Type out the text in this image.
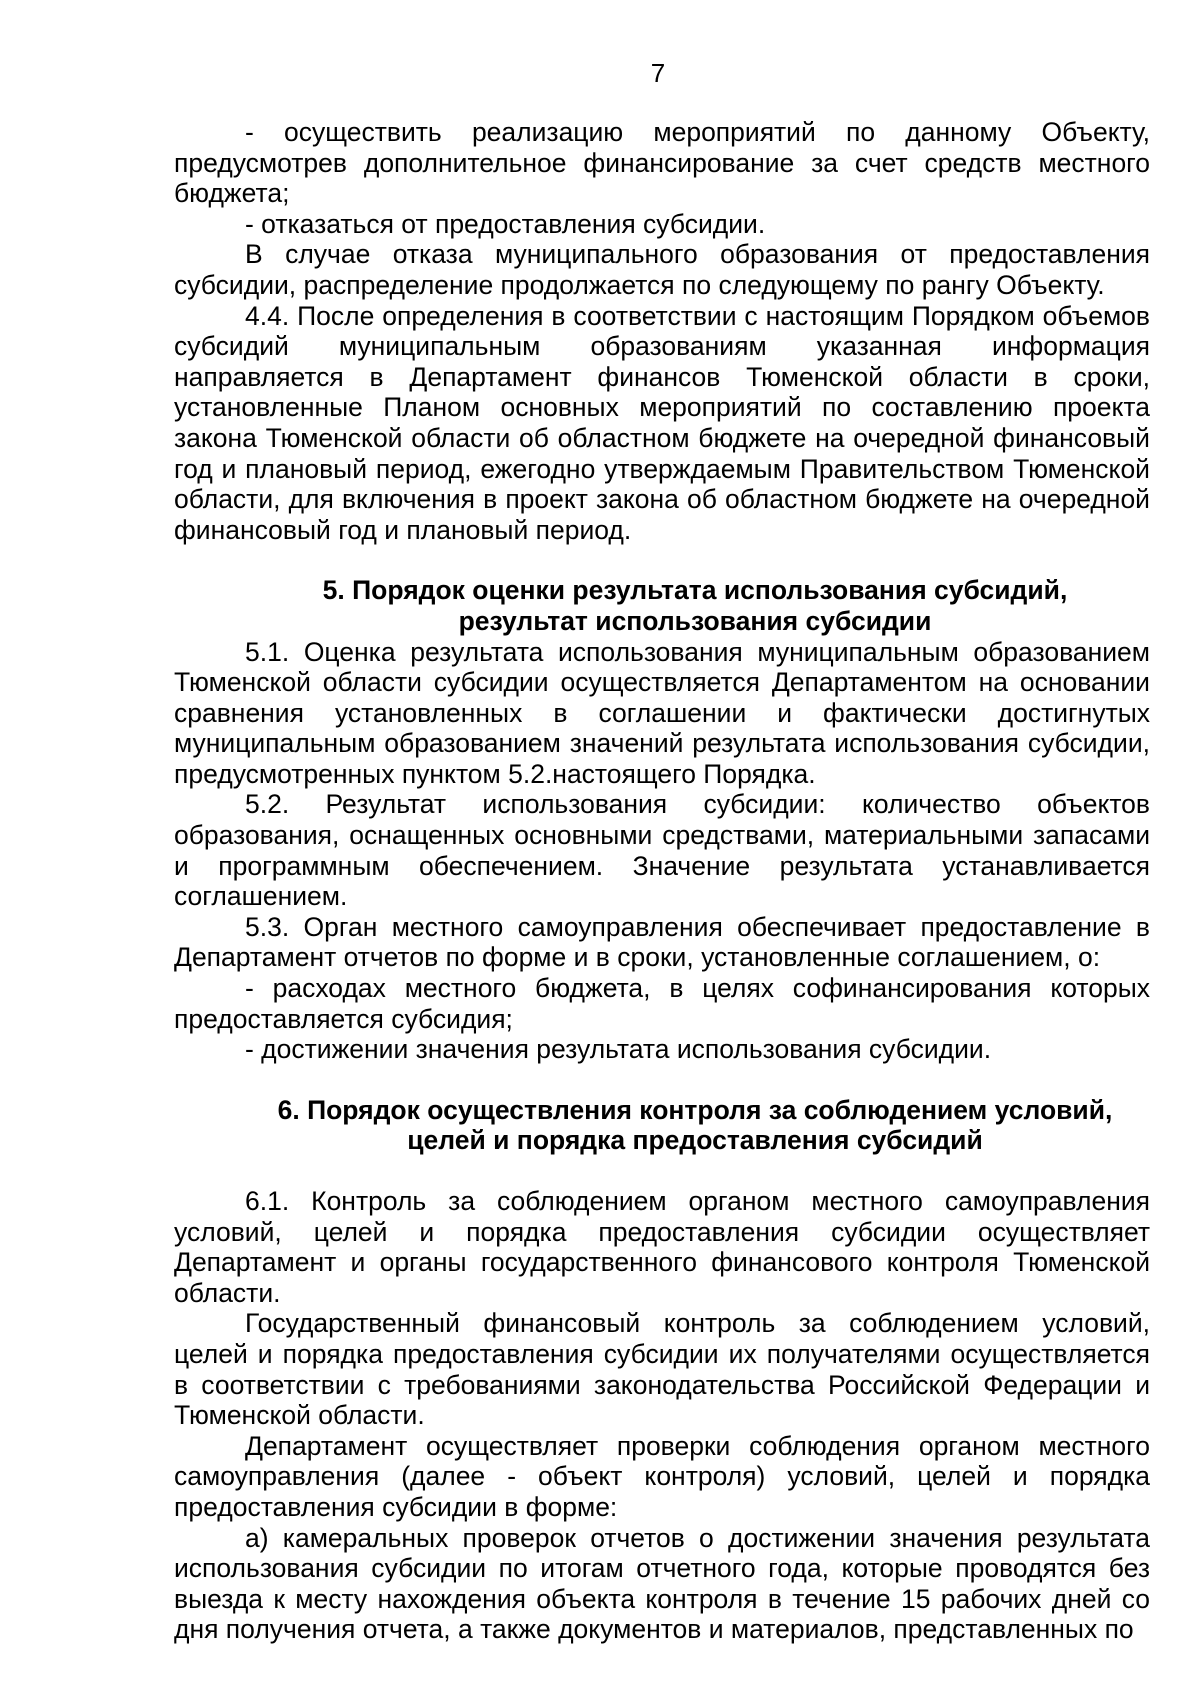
7

- осуществить реализацию мероприятий по данному Объекту, предусмотрев дополнительное финансирование за счет средств местного бюджета;

- отказаться от предоставления субсидии.

В случае отказа муниципального образования от предоставления субсидии, распределение продолжается по следующему по рангу Объекту.

4.4. После определения в соответствии с настоящим Порядком объемов субсидий муниципальным образованиям указанная информация направляется в Департамент финансов Тюменской области в сроки, установленные Планом основных мероприятий по составлению проекта закона Тюменской области об областном бюджете на очередной финансовый год и плановый период, ежегодно утверждаемым Правительством Тюменской области, для включения в проект закона об областном бюджете на очередной финансовый год и плановый период.

5. Порядок оценки результата использования субсидий,

результат использования субсидии

5.1. Оценка результата использования муниципальным образованием Тюменской области субсидии осуществляется Департаментом на основании сравнения установленных в соглашении и фактически достигнутых муниципальным образованием значений результата использования субсидии, предусмотренных пунктом 5.2.настоящего Порядка.

5.2. Результат использования субсидии: количество объектов образования, оснащенных основными средствами, материальными запасами и программным обеспечением. Значение результата устанавливается соглашением.

5.3. Орган местного самоуправления обеспечивает предоставление в Департамент отчетов по форме и в сроки, установленные соглашением, о:

- расходах местного бюджета, в целях софинансирования которых предоставляется субсидия;

- достижении значения результата использования субсидии.

6. Порядок осуществления контроля за соблюдением условий,

целей и порядка предоставления субсидий

6.1. Контроль за соблюдением органом местного самоуправления условий, целей и порядка предоставления субсидии осуществляет Департамент и органы государственного финансового контроля Тюменской области.

Государственный финансовый контроль за соблюдением условий, целей и порядка предоставления субсидии их получателями осуществляется в соответствии с требованиями законодательства Российской Федерации и Тюменской области.

Департамент осуществляет проверки соблюдения органом местного самоуправления (далее - объект контроля) условий, целей и порядка предоставления субсидии в форме:

а) камеральных проверок отчетов о достижении значения результата использования субсидии по итогам отчетного года, которые проводятся без выезда к месту нахождения объекта контроля в течение 15 рабочих дней со дня получения отчета, а также документов и материалов, представленных по
